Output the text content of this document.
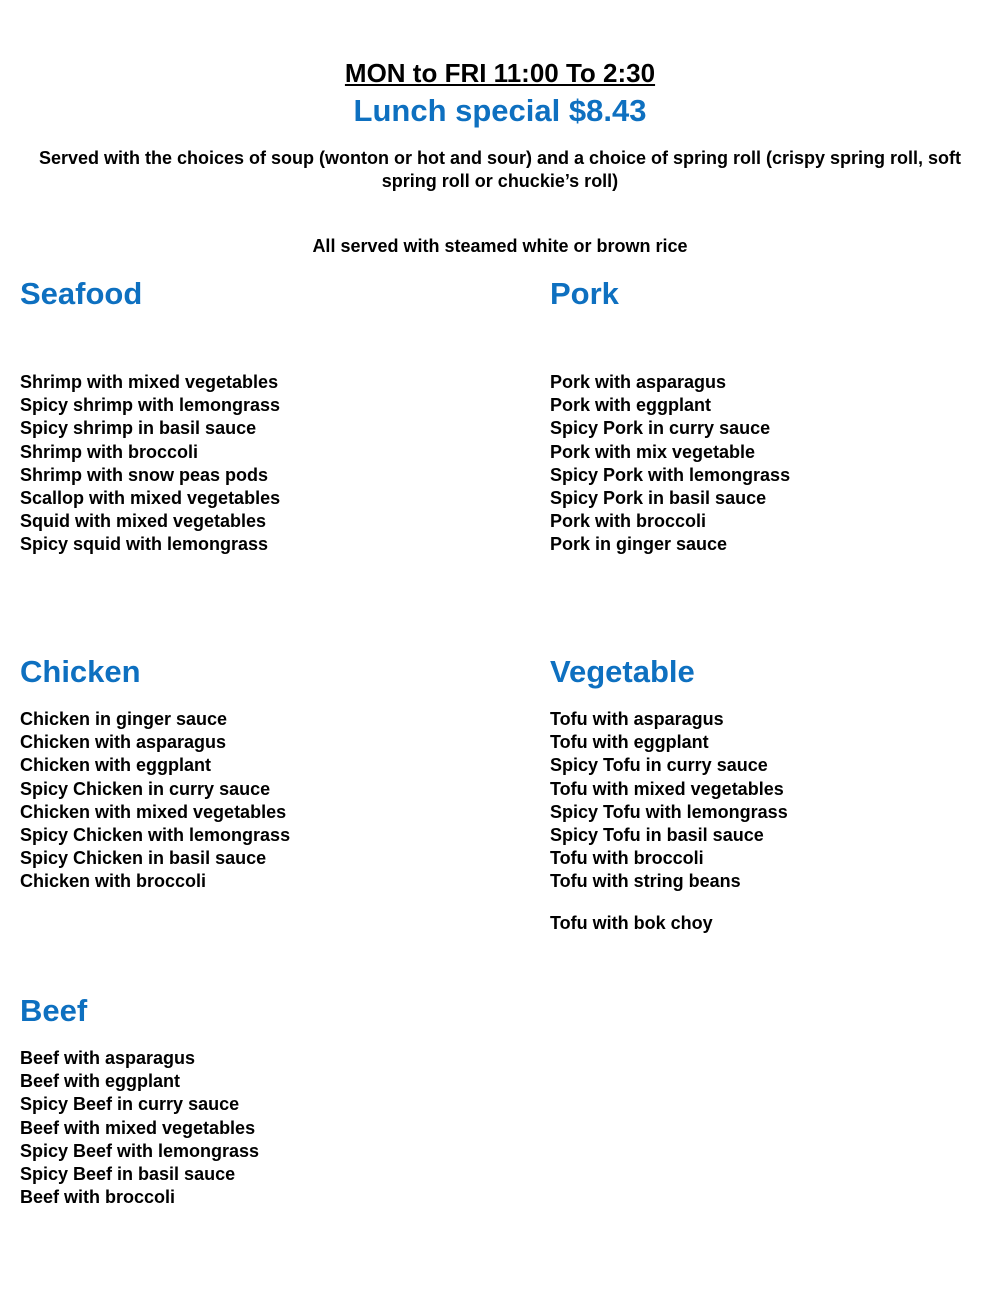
MON to FRI 11:00 To 2:30
Lunch special $8.43
Served with the choices of soup (wonton or hot and sour) and a choice of spring roll (crispy spring roll, soft spring roll or chuckie’s roll)
All served with steamed white or brown rice
Seafood
Shrimp with mixed vegetables
Spicy shrimp with lemongrass
Spicy shrimp in basil sauce
Shrimp with broccoli
Shrimp with snow peas pods
Scallop with mixed vegetables
Squid with mixed vegetables
Spicy squid with lemongrass
Pork
Pork with asparagus
Pork with eggplant
Spicy Pork in curry sauce
Pork with mix vegetable
Spicy Pork with lemongrass
Spicy Pork in basil sauce
Pork with broccoli
Pork in ginger sauce
Chicken
Chicken in ginger sauce
Chicken with asparagus
Chicken with eggplant
Spicy Chicken in curry sauce
Chicken with mixed vegetables
Spicy Chicken with lemongrass
Spicy Chicken in basil sauce
Chicken with broccoli
Vegetable
Tofu with asparagus
Tofu with eggplant
Spicy Tofu in curry sauce
Tofu with mixed vegetables
Spicy Tofu with lemongrass
Spicy Tofu in basil sauce
Tofu with broccoli
Tofu with string beans
Tofu with bok choy
Beef
Beef with asparagus
Beef with eggplant
Spicy Beef in curry sauce
Beef with mixed vegetables
Spicy Beef with lemongrass
Spicy Beef in basil sauce
Beef with broccoli
